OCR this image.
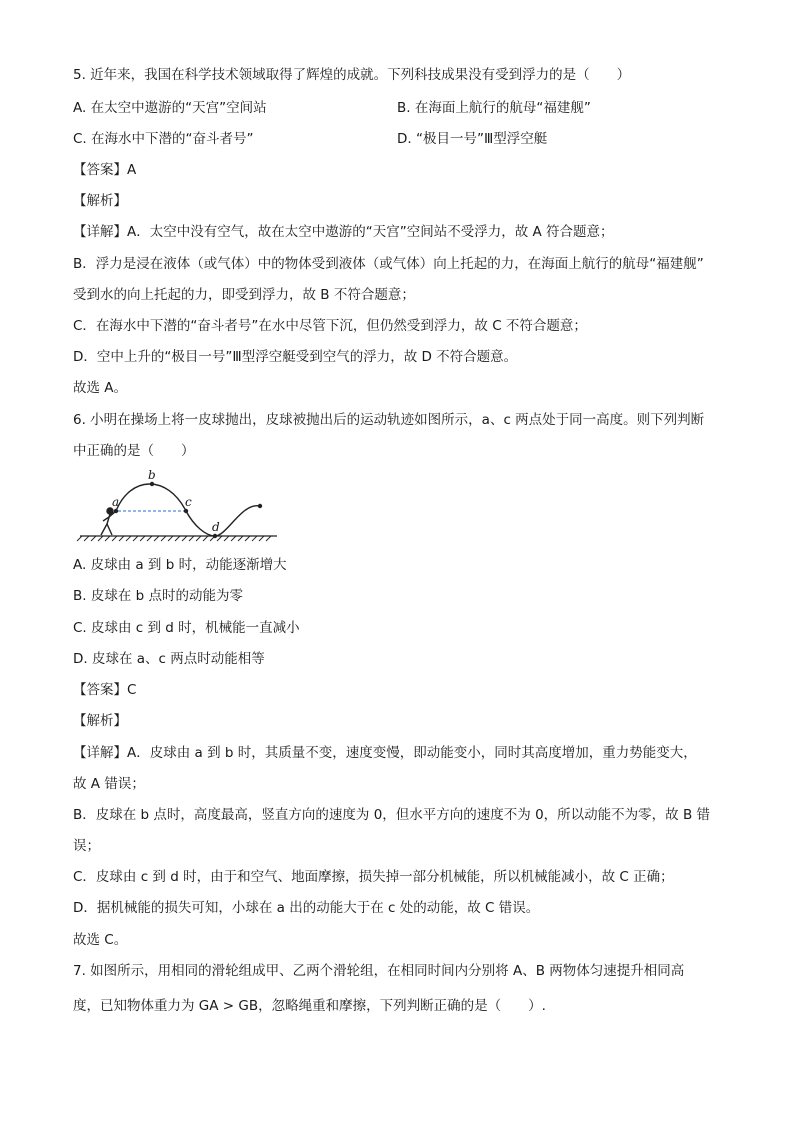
5. 近年来，我国在科学技术领域取得了辉煌的成就。下列科技成果没有受到浮力的是（　　）
A. 在太空中遨游的“天宫”空间站	B. 在海面上航行的航母“福建舰”
C. 在海水中下潜的“奋斗者号”	D. “极目一号”Ⅲ型浮空艇
【答案】A
【解析】
【详解】A．太空中没有空气，故在太空中遨游的“天宫”空间站不受浮力，故 A 符合题意；
B．浮力是浸在液体（或气体）中的物体受到液体（或气体）向上托起的力，在海面上航行的航母“福建舰”
受到水的向上托起的力，即受到浮力，故 B 不符合题意；
C．在海水中下潜的“奋斗者号”在水中尽管下沉，但仍然受到浮力，故 C 不符合题意；
D．空中上升的“极目一号”Ⅲ型浮空艇受到空气的浮力，故 D 不符合题意。
故选 A。
6. 小明在操场上将一皮球抛出，皮球被抛出后的运动轨迹如图所示，a、c 两点处于同一高度。则下列判断
中正确的是（　　）
a
b
c
d
A. 皮球由 a 到 b 时，动能逐渐增大
B. 皮球在 b 点时的动能为零
C. 皮球由 c 到 d 时，机械能一直减小
D. 皮球在 a、c 两点时动能相等
【答案】C
【解析】
【详解】A．皮球由 a 到 b 时，其质量不变，速度变慢，即动能变小，同时其高度增加，重力势能变大，
故 A 错误；
B．皮球在 b 点时，高度最高，竖直方向的速度为 0，但水平方向的速度不为 0，所以动能不为零，故 B 错
误；
C．皮球由 c 到 d 时，由于和空气、地面摩擦，损失掉一部分机械能，所以机械能减小，故 C 正确；
D．据机械能的损失可知，小球在 a 出的动能大于在 c 处的动能，故 C 错误。
故选 C。
7. 如图所示，用相同的滑轮组成甲、乙两个滑轮组，在相同时间内分别将 A、B 两物体匀速提升相同高
度，已知物体重力为 GA > GB，忽略绳重和摩擦，下列判断正确的是（　　）.
